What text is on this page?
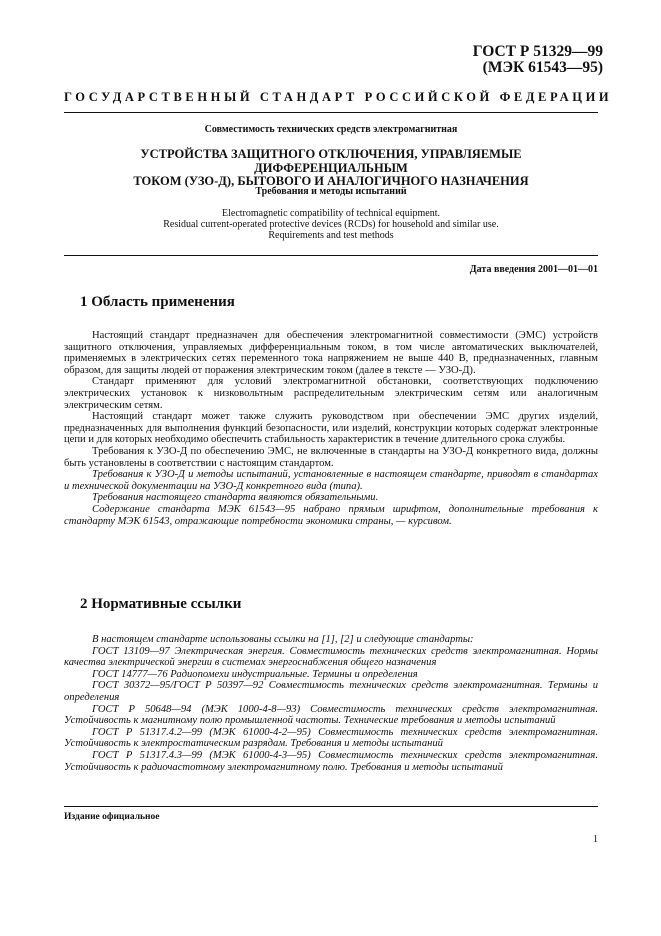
ГОСТ Р 51329—99
(МЭК 61543—95)
ГОСУДАРСТВЕННЫЙ СТАНДАРТ РОССИЙСКОЙ ФЕДЕРАЦИИ
Совместимость технических средств электромагнитная
УСТРОЙСТВА ЗАЩИТНОГО ОТКЛЮЧЕНИЯ, УПРАВЛЯЕМЫЕ ДИФФЕРЕНЦИАЛЬНЫМ
ТОКОМ (УЗО-Д), БЫТОВОГО И АНАЛОГИЧНОГО НАЗНАЧЕНИЯ
Требования и методы испытаний
Electromagnetic compatibility of technical equipment.
Residual current-operated protective devices (RCDs) for household and similar use.
Requirements and test methods
Дата введения 2001—01—01
1 Область применения

Настоящий стандарт предназначен для обеспечения электромагнитной совместимости (ЭМС) устройств защитного отключения, управляемых дифференциальным током, в том числе автоматических выключателей, применяемых в электрических сетях переменного тока напряжением не выше 440 В, предназначенных, главным образом, для защиты людей от поражения электрическим током (далее в тексте — УЗО-Д).

Стандарт применяют для условий электромагнитной обстановки, соответствующих подключению электрических установок к низковольтным распределительным электрическим сетям или аналогичным электрическим сетям.

Настоящий стандарт может также служить руководством при обеспечении ЭМС других изделий, предназначенных для выполнения функций безопасности, или изделий, конструкции которых содержат электронные цепи и для которых необходимо обеспечить стабильность характеристик в течение длительного срока службы.

Требования к УЗО-Д по обеспечению ЭМС, не включенные в стандарты на УЗО-Д конкретного вида, должны быть установлены в соответствии с настоящим стандартом.

Требования к УЗО-Д и методы испытаний, установленные в настоящем стандарте, приводят в стандартах и технической документации на УЗО-Д конкретного вида (типа).

Требования настоящего стандарта являются обязательными.

Содержание стандарта МЭК 61543—95 набрано прямым шрифтом, дополнительные требования к стандарту МЭК 61543, отражающие потребности экономики страны, — курсивом.

2 Нормативные ссылки

В настоящем стандарте использованы ссылки на [1], [2] и следующие стандарты:

ГОСТ 13109—97 Электрическая энергия. Совместимость технических средств электромагнитная. Нормы качества электрической энергии в системах энергоснабжения общего назначения

ГОСТ 14777—76 Радиопомехи индустриальные. Термины и определения

ГОСТ 30372—95/ГОСТ Р 50397—92 Совместимость технических средств электромагнитная. Термины и определения

ГОСТ Р 50648—94 (МЭК 1000-4-8—93) Совместимость технических средств электромагнитная. Устойчивость к магнитному полю промышленной частоты. Технические требования и методы испытаний

ГОСТ Р 51317.4.2—99 (МЭК 61000-4-2—95) Совместимость технических средств электромагнитная. Устойчивость к электростатическим разрядам. Требования и методы испытаний

ГОСТ Р 51317.4.3—99 (МЭК 61000-4-3—95) Совместимость технических средств электромагнитная. Устойчивость к радиочастотному электромагнитному полю. Требования и методы испытаний

Издание официальное
1
